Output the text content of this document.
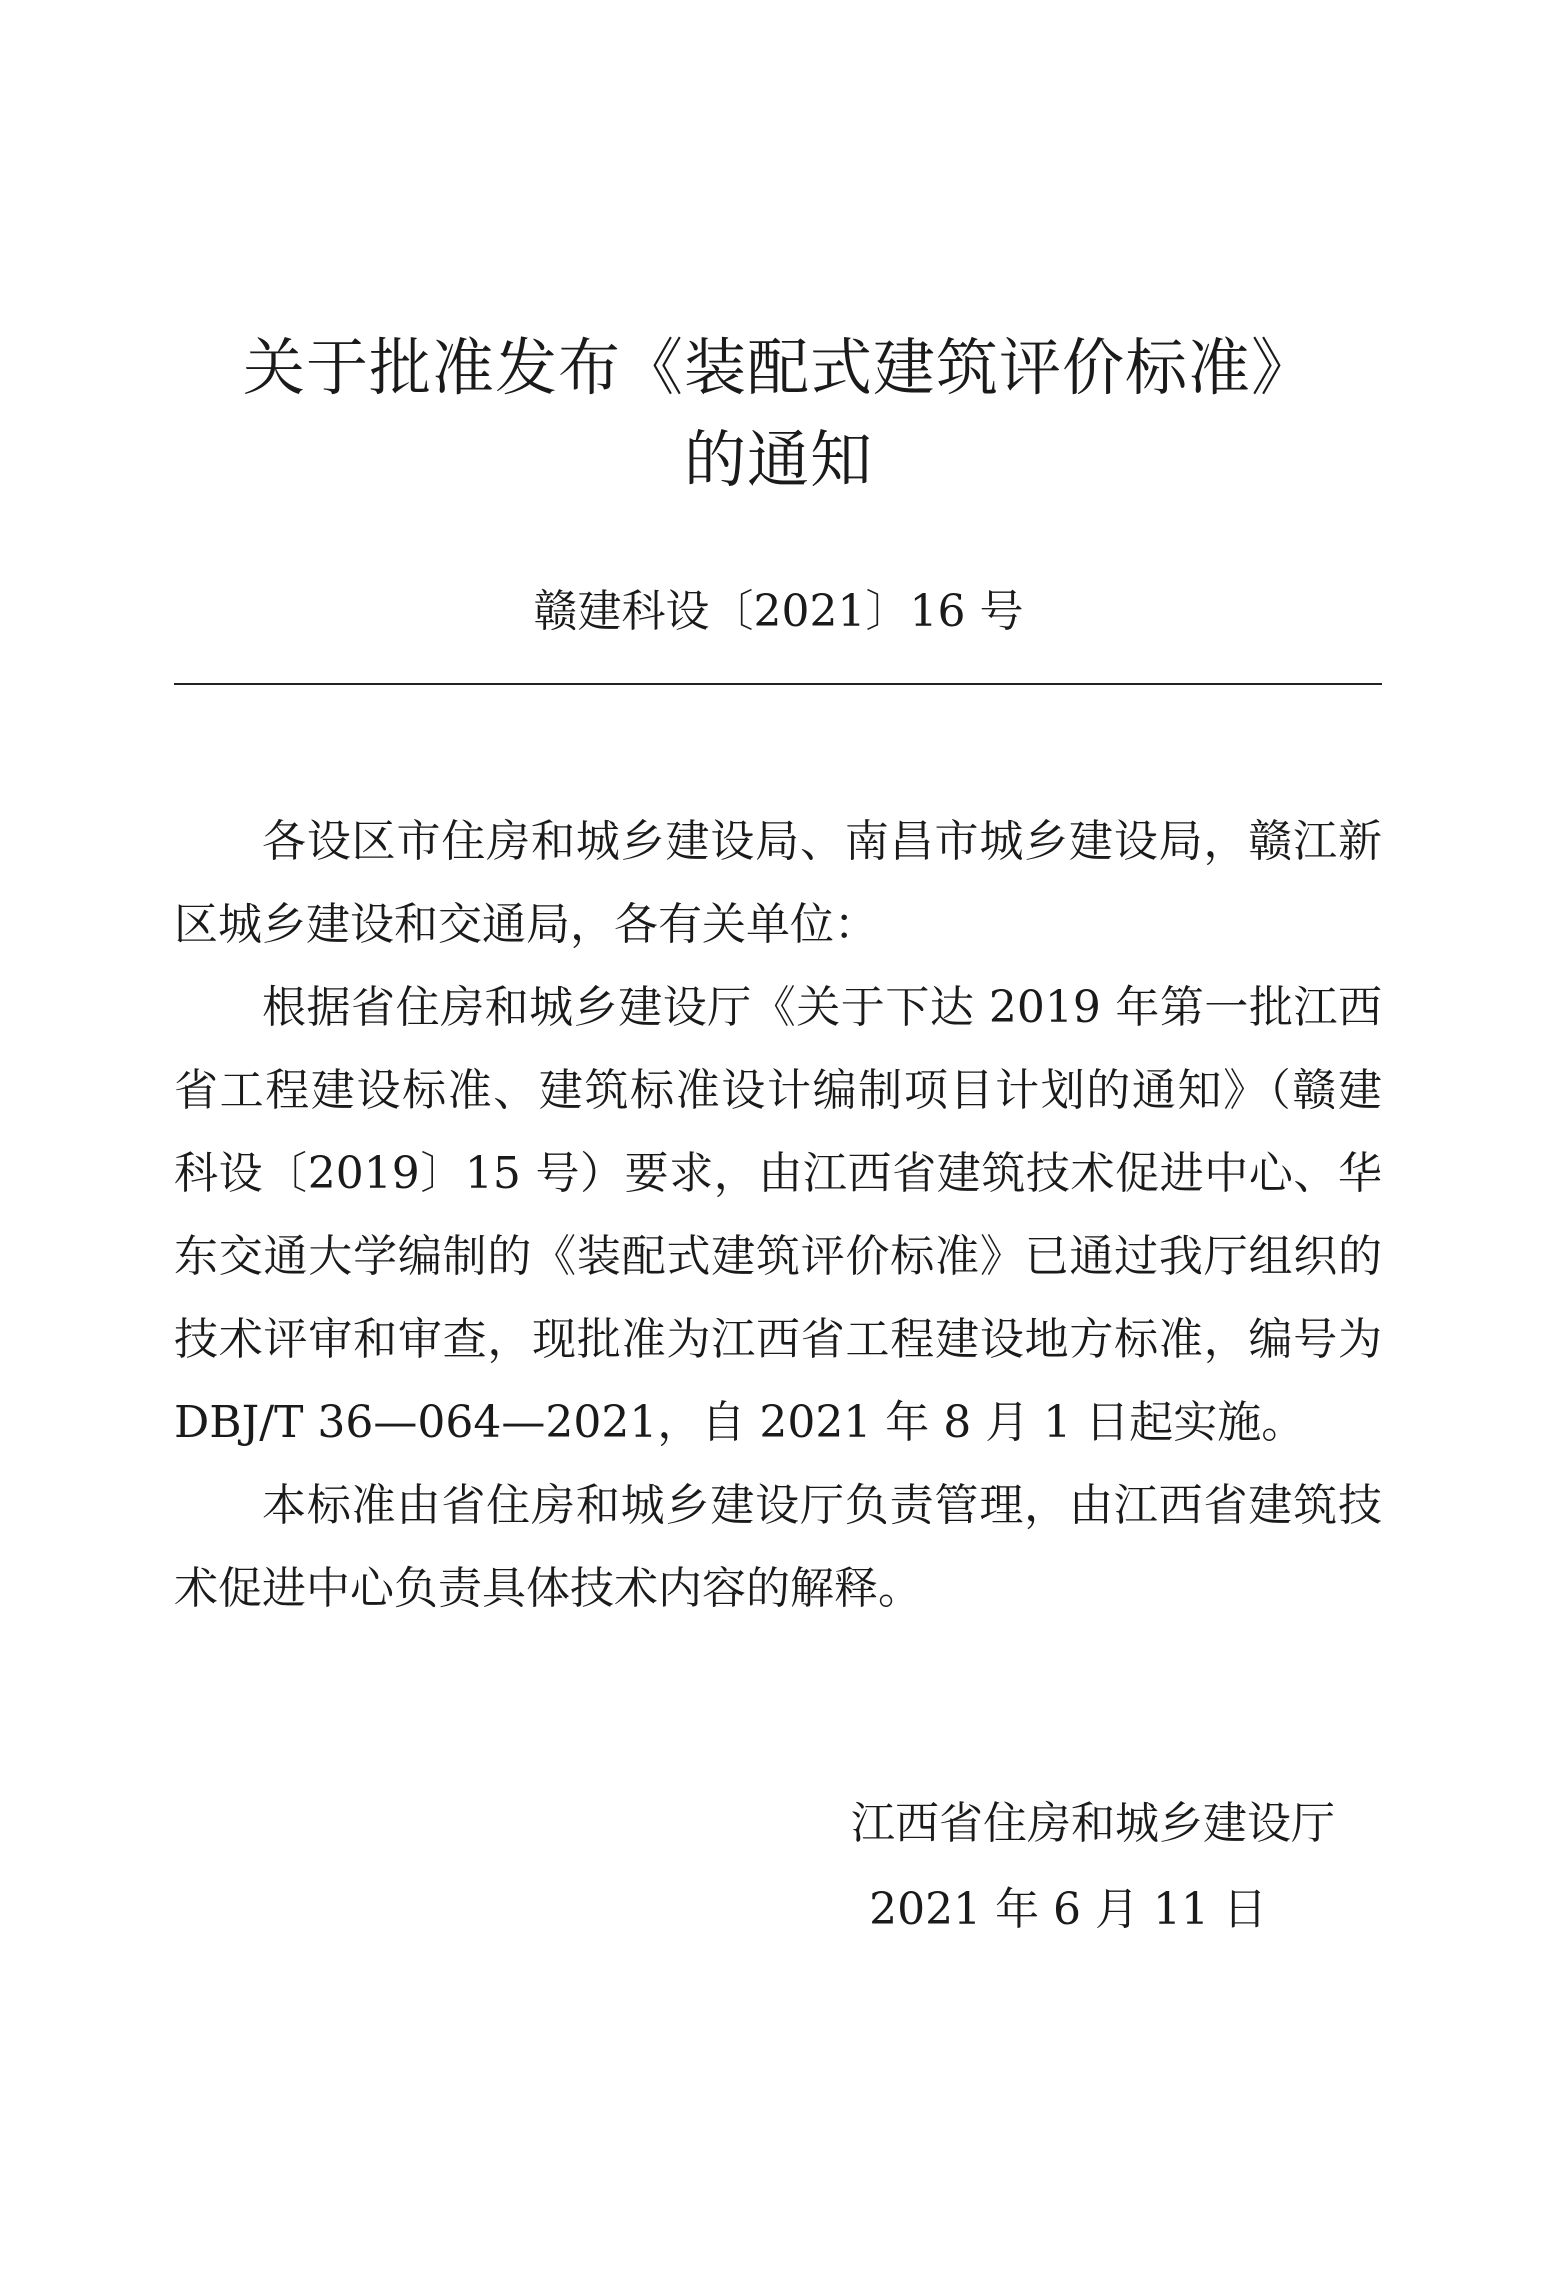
关于批准发布《装配式建筑评价标准》
的通知
赣建科设〔2021〕16 号

各设区市住房和城乡建设局、南昌市城乡建设局，赣江新区城乡建设和交通局，各有关单位：

根据省住房和城乡建设厅《关于下达 2019 年第一批江西省工程建设标准、建筑标准设计编制项目计划的通知》（赣建科设〔2019〕15 号）要求，由江西省建筑技术促进中心、华东交通大学编制的《装配式建筑评价标准》已通过我厅组织的技术评审和审查，现批准为江西省工程建设地方标准，编号为 DBJ/T 36—064—2021，自 2021 年 8 月 1 日起实施。

本标准由省住房和城乡建设厅负责管理，由江西省建筑技术促进中心负责具体技术内容的解释。

江西省住房和城乡建设厅
2021 年 6 月 11 日
